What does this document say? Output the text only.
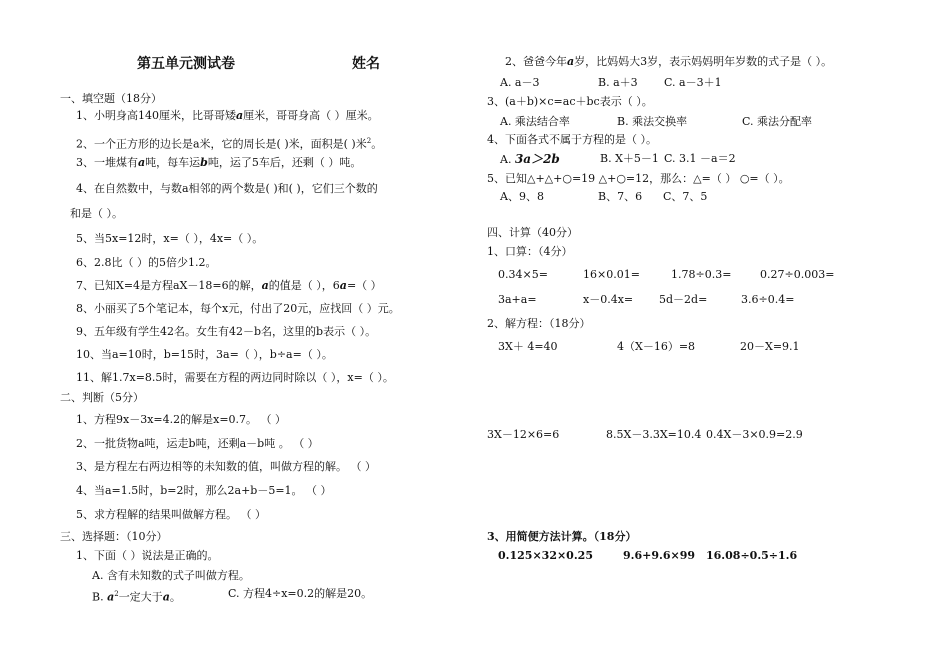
第五单元测试卷	姓名
一、填空题（18分）
1、小明身高140厘米，比哥哥矮a厘米，哥哥身高（ ）厘米。
2、一个正方形的边长是a米，它的周长是( )米，面积是( )米$^2$。
3、一堆煤有a吨，每车运b吨，运了5车后，还剩（ ）吨。
4、在自然数中，与数a相邻的两个数是( )和( )，它们三个数的
和是（ ）。
5、当5x=12时，x=（ ），4x=（ ）。
6、2.8比（ ）的5倍少1.2。
7、已知X=4是方程aX－18=6的解，a的值是（ ），6a=（ ）
8、小丽买了5个笔记本，每个x元，付出了20元，应找回（ ）元。
9、五年级有学生42名。女生有42－b名，这里的b表示（ ）。
10、当a=10时，b=15时，3a=（ ），b÷a=（ ）。
11、解1.7x=8.5时，需要在方程的两边同时除以（ ），x=（ ）。
二、判断（5分）
1、方程9x－3x=4.2的解是x=0.7。 （ ）
2、一批货物a吨，运走b吨，还剩a－b吨 。 （ ）
3、是方程左右两边相等的未知数的值，叫做方程的解。 （ ）
4、当a=1.5时，b=2时，那么2a+b－5=1。 （ ）
5、求方程解的结果叫做解方程。 （ ）
三、选择题：（10分）
1、下面（ ）说法是正确的。
A. 含有未知数的式子叫做方程。
B. $a^2$一定大于a。	C. 方程4÷x=0.2的解是20。
2、爸爸今年a岁，比妈妈大3岁，表示妈妈明年岁数的式子是（ ）。
A. a－3	B. a＋3 C. a－3＋1
3、(a＋b)×c=ac＋bc表示（ ）。
A. 乘法结合率	B. 乘法交换率	C. 乘法分配率
4、下面各式不属于方程的是（ ）。
A. 3a＞2b	B. X＋5－1 C. 3.1 －a＝2
5、已知△+△+○=19 △+○=12，那么：△=（ ） ○=（ ）。
A、9、8	B、7、6 C、7、5
四、计算（40分）
1、口算：（4分）
0.34×5=	16×0.01=	1.78÷0.3=	0.27÷0.003=
3a+a=	x－0.4x= 5d－2d=	3.6÷0.4=
2、解方程：（18分）
3X＋ 4=40	4（X－16）=8	20－X=9.1
3X－12×6=6	8.5X－3.3X=10.4 0.4X－3×0.9=2.9
3、用简便方法计算。（18分）
0.125×32×0.25	9.6+9.6×99 16.08÷0.5÷1.6
